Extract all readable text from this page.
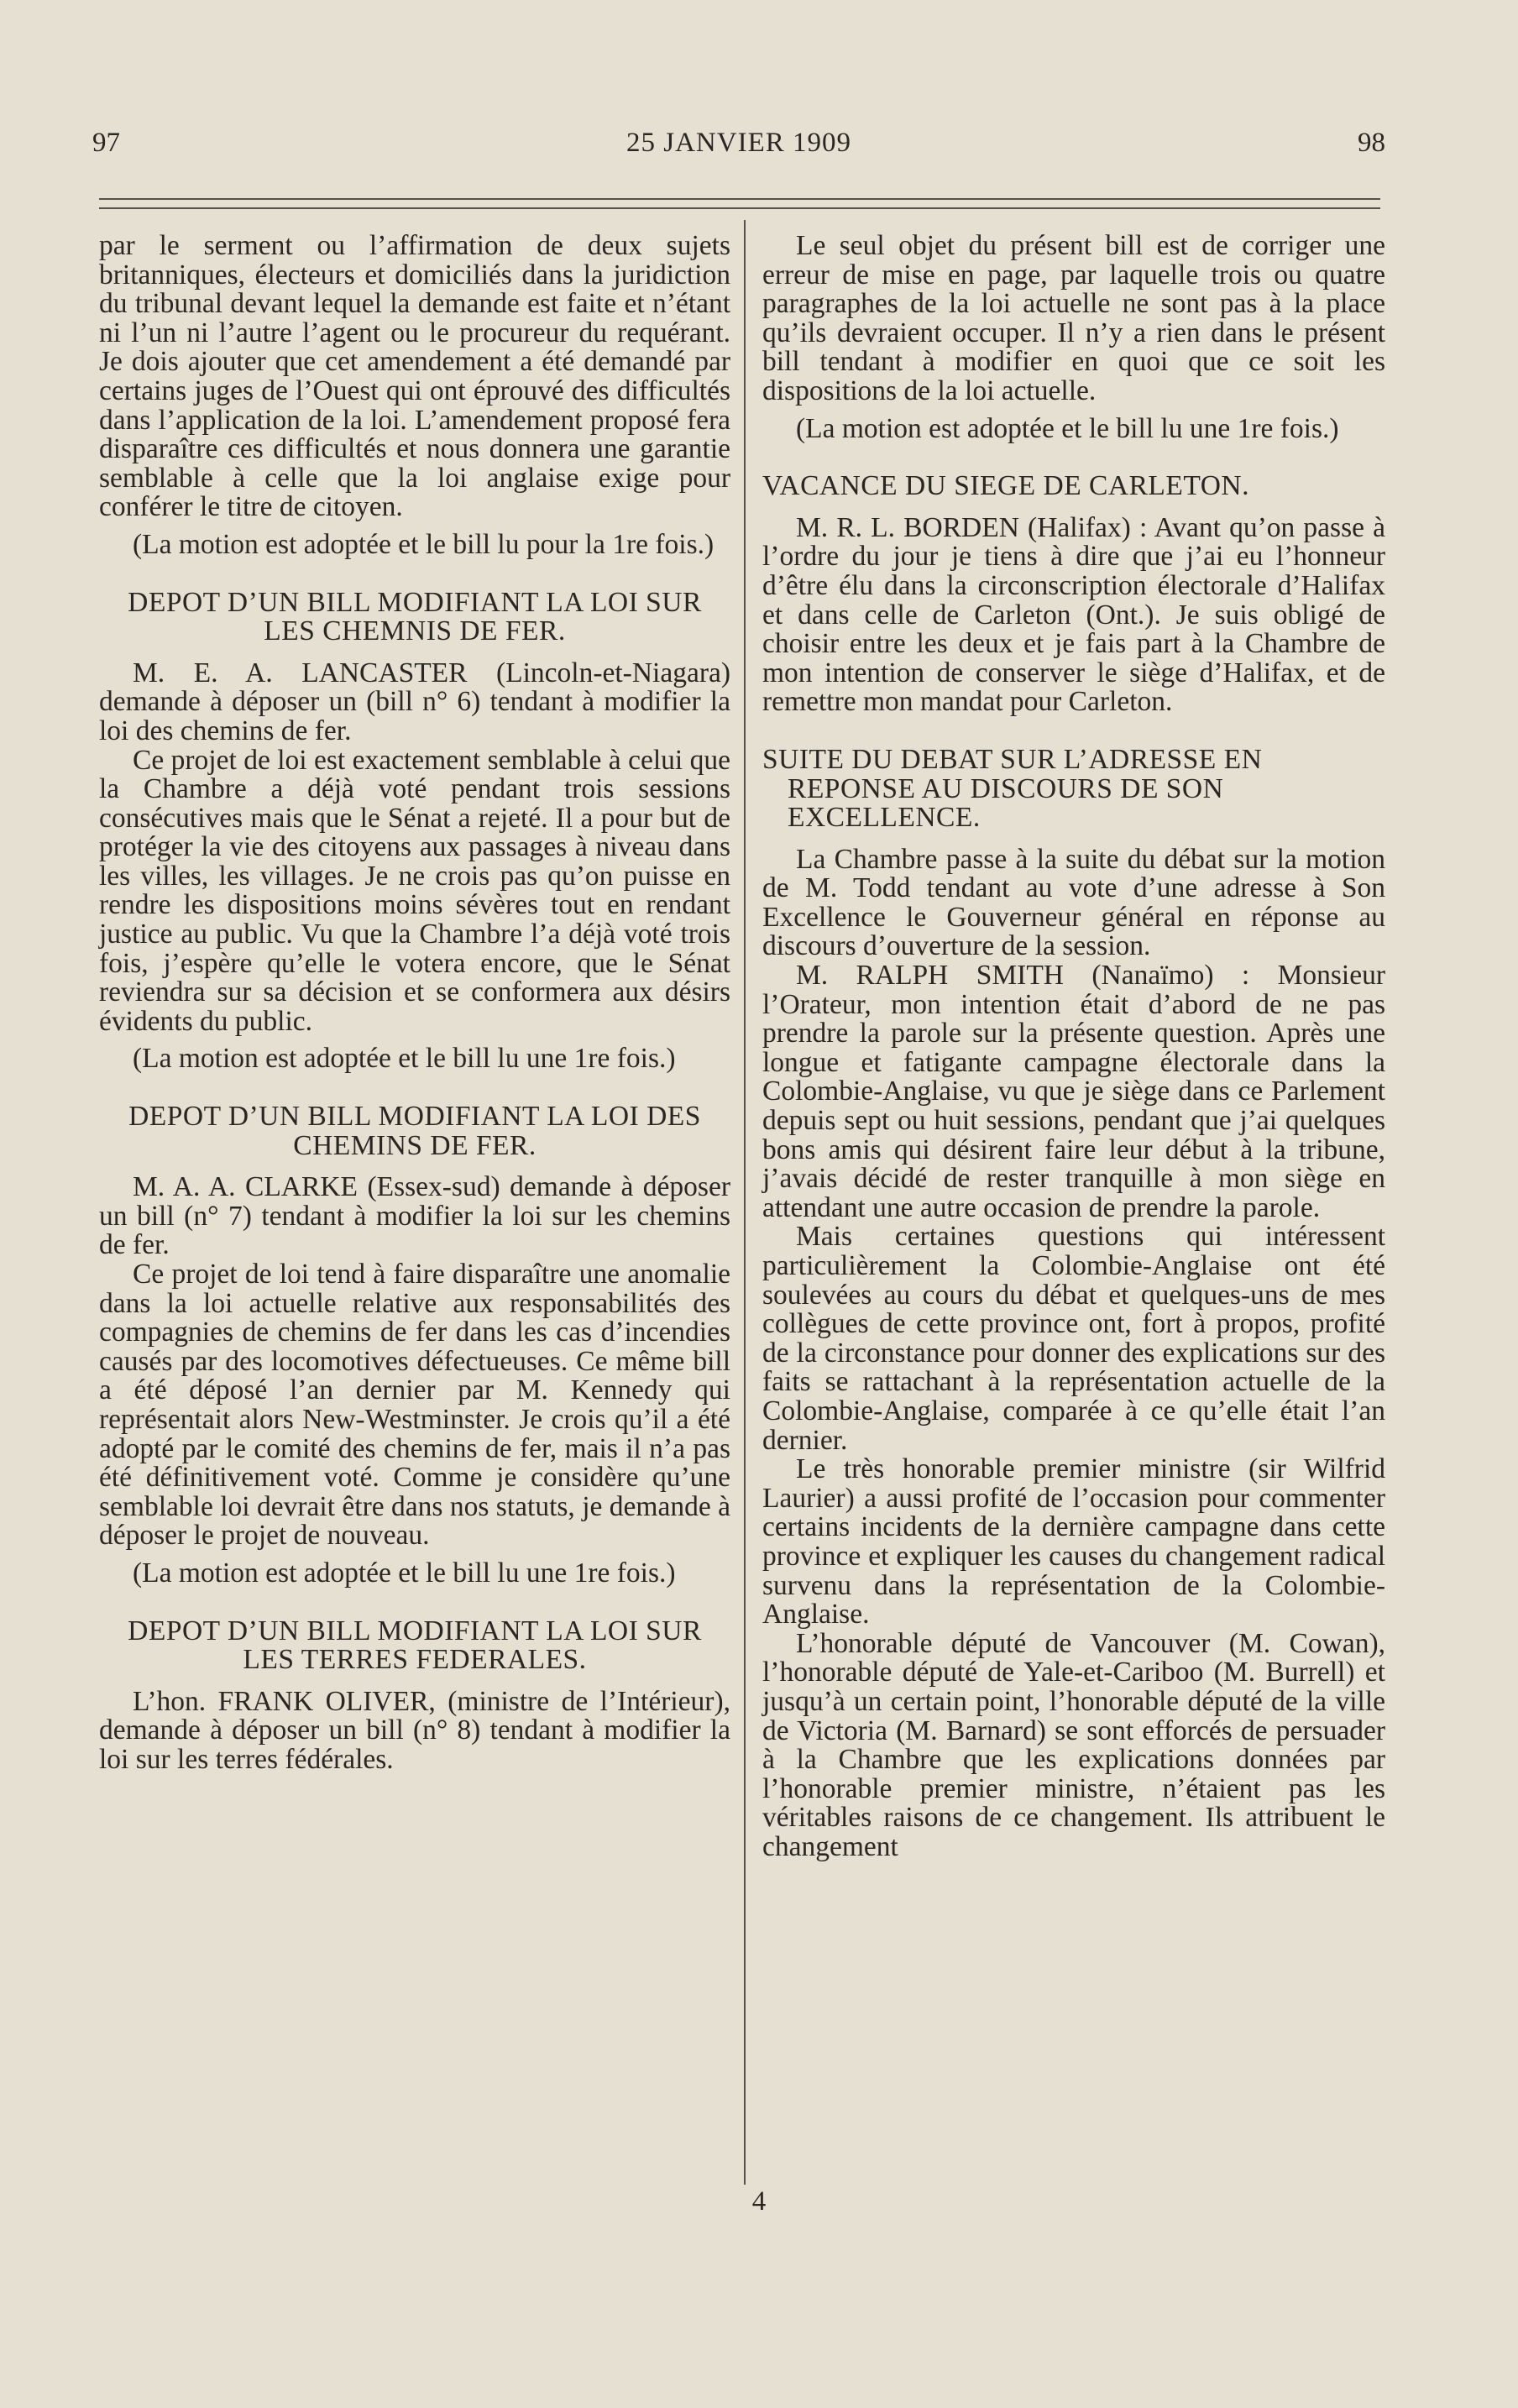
97	25 JANVIER 1909	98

par le serment ou l’affirmation de deux sujets britanniques, électeurs et domiciliés dans la juridiction du tribunal devant lequel la demande est faite et n’étant ni l’un ni l’autre l’agent ou le procureur du requérant. Je dois ajouter que cet amendement a été demandé par certains juges de l’Ouest qui ont éprouvé des difficultés dans l’application de la loi. L’amendement proposé fera disparaître ces difficultés et nous donnera une garantie semblable à celle que la loi anglaise exige pour conférer le titre de citoyen.

(La motion est adoptée et le bill lu pour la 1re fois.)

DEPOT D’UN BILL MODIFIANT LA LOI SUR LES CHEMNIS DE FER.

M. E. A. LANCASTER (Lincoln-et-Niagara) demande à déposer un (bill n° 6) tendant à modifier la loi des chemins de fer.

Ce projet de loi est exactement semblable à celui que la Chambre a déjà voté pendant trois sessions consécutives mais que le Sénat a rejeté. Il a pour but de protéger la vie des citoyens aux passages à niveau dans les villes, les villages. Je ne crois pas qu’on puisse en rendre les dispositions moins sévères tout en rendant justice au public. Vu que la Chambre l’a déjà voté trois fois, j’espère qu’elle le votera encore, que le Sénat reviendra sur sa décision et se conformera aux désirs évidents du public.

(La motion est adoptée et le bill lu une 1re fois.)

DEPOT D’UN BILL MODIFIANT LA LOI DES CHEMINS DE FER.

M. A. A. CLARKE (Essex-sud) demande à déposer un bill (n° 7) tendant à modifier la loi sur les chemins de fer.

Ce projet de loi tend à faire disparaître une anomalie dans la loi actuelle relative aux responsabilités des compagnies de chemins de fer dans les cas d’incendies causés par des locomotives défectueuses. Ce même bill a été déposé l’an dernier par M. Kennedy qui représentait alors New-Westminster. Je crois qu’il a été adopté par le comité des chemins de fer, mais il n’a pas été définitivement voté. Comme je considère qu’une semblable loi devrait être dans nos statuts, je demande à déposer le projet de nouveau.

(La motion est adoptée et le bill lu une 1re fois.)

DEPOT D’UN BILL MODIFIANT LA LOI SUR LES TERRES FEDERALES.

L’hon. FRANK OLIVER, (ministre de l’Intérieur), demande à déposer un bill (n° 8) tendant à modifier la loi sur les terres fédérales.

Le seul objet du présent bill est de corriger une erreur de mise en page, par laquelle trois ou quatre paragraphes de la loi actuelle ne sont pas à la place qu’ils devraient occuper. Il n’y a rien dans le présent bill tendant à modifier en quoi que ce soit les dispositions de la loi actuelle.

(La motion est adoptée et le bill lu une 1re fois.)

VACANCE DU SIEGE DE CARLETON.

M. R. L. BORDEN (Halifax) : Avant qu’on passe à l’ordre du jour je tiens à dire que j’ai eu l’honneur d’être élu dans la circonscription électorale d’Halifax et dans celle de Carleton (Ont.). Je suis obligé de choisir entre les deux et je fais part à la Chambre de mon intention de conserver le siège d’Halifax, et de remettre mon mandat pour Carleton.

SUITE DU DEBAT SUR L’ADRESSE EN REPONSE AU DISCOURS DE SON EXCELLENCE.

La Chambre passe à la suite du débat sur la motion de M. Todd tendant au vote d’une adresse à Son Excellence le Gouverneur général en réponse au discours d’ouverture de la session.

M. RALPH SMITH (Nanaïmo) : Monsieur l’Orateur, mon intention était d’abord de ne pas prendre la parole sur la présente question. Après une longue et fatigante campagne électorale dans la Colombie-Anglaise, vu que je siège dans ce Parlement depuis sept ou huit sessions, pendant que j’ai quelques bons amis qui désirent faire leur début à la tribune, j’avais décidé de rester tranquille à mon siège en attendant une autre occasion de prendre la parole.

Mais certaines questions qui intéressent particulièrement la Colombie-Anglaise ont été soulevées au cours du débat et quelques-uns de mes collègues de cette province ont, fort à propos, profité de la circonstance pour donner des explications sur des faits se rattachant à la représentation actuelle de la Colombie-Anglaise, comparée à ce qu’elle était l’an dernier.

Le très honorable premier ministre (sir Wilfrid Laurier) a aussi profité de l’occasion pour commenter certains incidents de la dernière campagne dans cette province et expliquer les causes du changement radical survenu dans la représentation de la Colombie-Anglaise.

L’honorable député de Vancouver (M. Cowan), l’honorable député de Yale-et-Cariboo (M. Burrell) et jusqu’à un certain point, l’honorable député de la ville de Victoria (M. Barnard) se sont efforcés de persuader à la Chambre que les explications données par l’honorable premier ministre, n’étaient pas les véritables raisons de ce changement. Ils attribuent le changement

4
